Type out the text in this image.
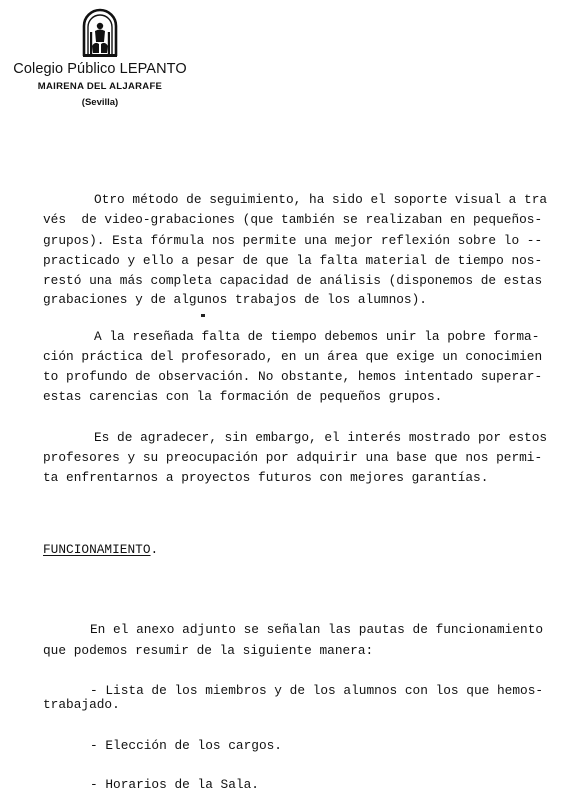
Colegio Público LEPANTO
MAIRENA DEL ALJARAFE
(Sevilla)
Otro método de seguimiento, ha sido el soporte visual a tra
vés  de video-grabaciones (que también se realizaban en pequeños-
grupos). Esta fórmula nos permite una mejor reflexión sobre lo --
practicado y ello a pesar de que la falta material de tiempo nos-
restó una más completa capacidad de análisis (disponemos de estas
grabaciones y de algunos trabajos de los alumnos).
A la reseñada falta de tiempo debemos unir la pobre forma-
ción práctica del profesorado, en un área que exige un conocimien
to profundo de observación. No obstante, hemos intentado superar-
estas carencias con la formación de pequeños grupos.
Es de agradecer, sin embargo, el interés mostrado por estos
profesores y su preocupación por adquirir una base que nos permi-
ta enfrentarnos a proyectos futuros con mejores garantías.
FUNCIONAMIENTO.
En el anexo adjunto se señalan las pautas de funcionamiento
que podemos resumir de la siguiente manera:
- Lista de los miembros y de los alumnos con los que hemos-
trabajado.
- Elección de los cargos.
- Horarios de la Sala.
